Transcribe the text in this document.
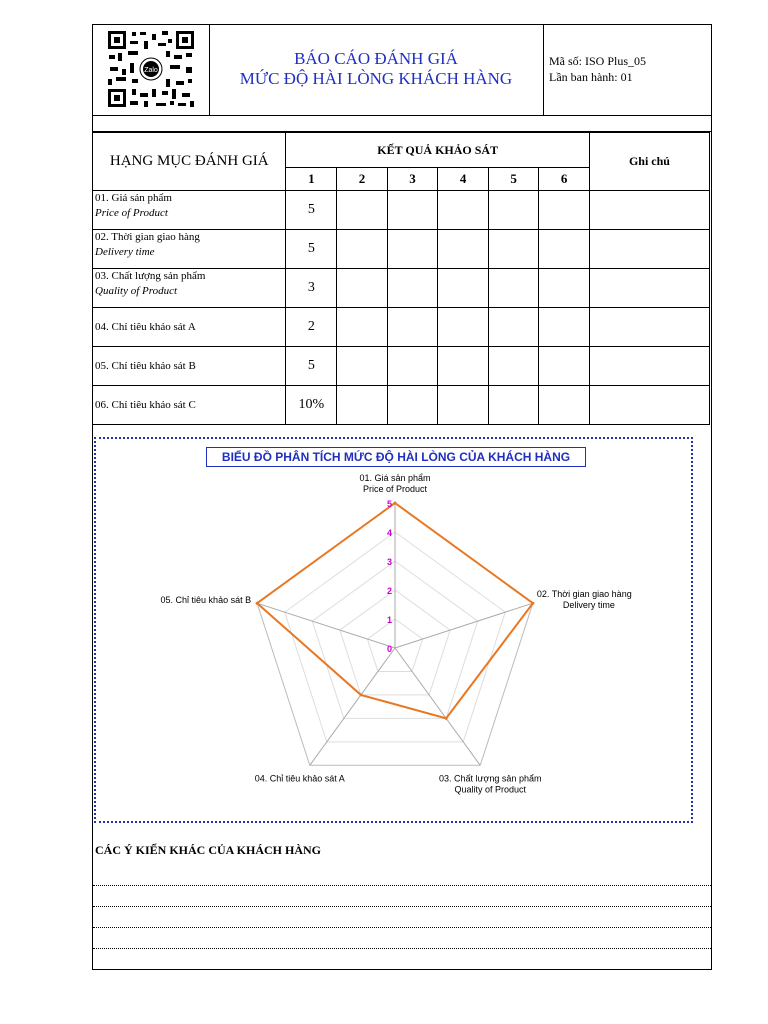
Zalo
BÁO CÁO ĐÁNH GIÁ
MỨC ĐỘ HÀI LÒNG KHÁCH HÀNG
Mã số: ISO Plus_05
Lần ban hành: 01
HẠNG MỤC ĐÁNH GIÁ	KẾT QUẢ KHẢO SÁT						Ghi chú
	1	2	3	4	5	6	

01. Giá sản phẩm
Price of Product	5						

02. Thời gian giao hàng
Delivery time	5						

03. Chất lượng sản phẩm
Quality of Product	3						
04. Chỉ tiêu khảo sát A	2						
05. Chỉ tiêu khảo sát B	5						
06. Chỉ tiêu khảo sát C	10%						
BIỂU ĐỒ PHÂN TÍCH MỨC ĐỘ HÀI LÒNG CỦA KHÁCH HÀNG
0
1
2
3
4
5
01. Giá sản phẩm
Price of Product
02. Thời gian giao hàng
Delivery time
03. Chất lượng sản phẩm
Quality of Product
04. Chỉ tiêu khảo sát A
05. Chỉ tiêu khảo sát B
CÁC Ý KIẾN KHÁC CỦA KHÁCH HÀNG
